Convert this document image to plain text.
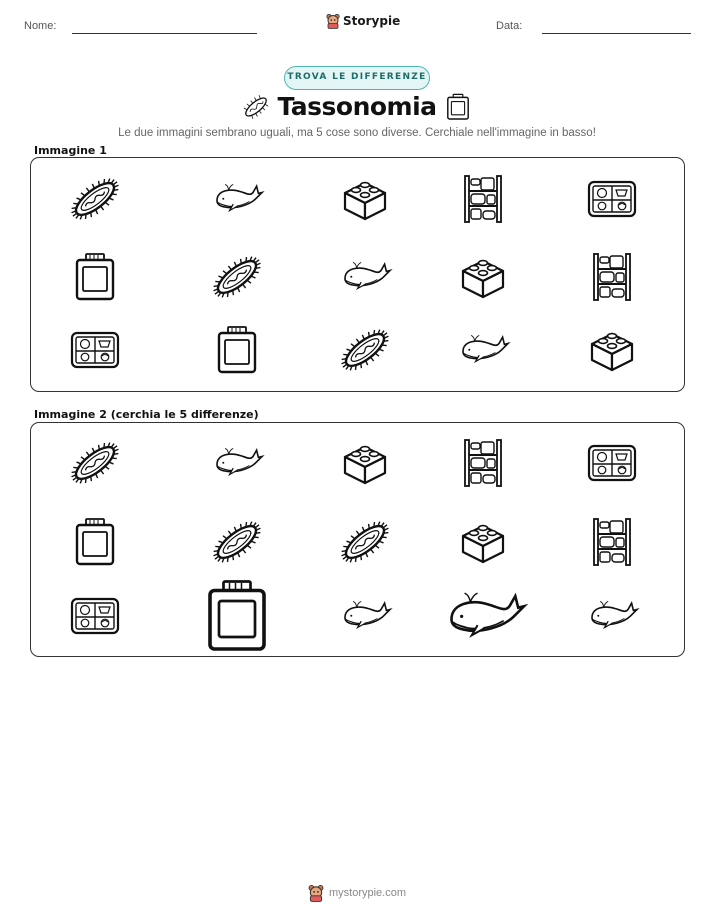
Nome:	Storypie	Data:
TROVA LE DIFFERENZE
Tassonomia
Le due immagini sembrano uguali, ma 5 cose sono diverse. Cerchiale nell'immagine in basso!
Immagine 1
Immagine 2 (cerchia le 5 differenze)
mystorypie.com
